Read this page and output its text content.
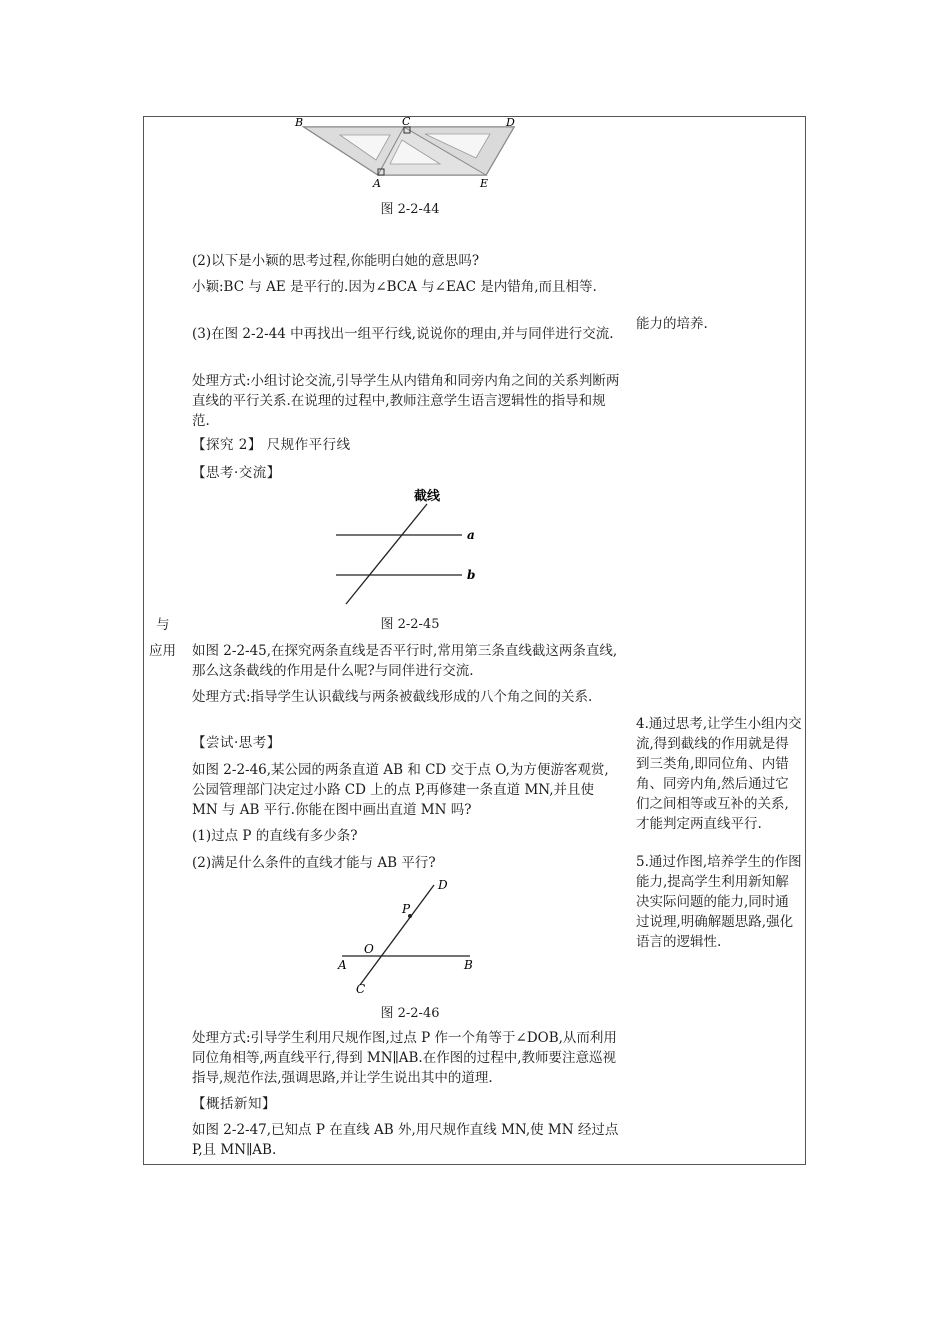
B	C	D
A	E
图 2-2-44

(2)以下是小颖的思考过程,你能明白她的意思吗?

小颖:BC 与 AE 是平行的.因为∠BCA 与∠EAC 是内错角,而且相等.

(3)在图 2-2-44 中再找出一组平行线,说说你的理由,并与同伴进行交流.

处理方式:小组讨论交流,引导学生从内错角和同旁内角之间的关系判断两直线的平行关系.在说理的过程中,教师注意学生语言逻辑性的指导和规范.

【探究 2】 尺规作平行线

【思考·交流】

截线
a
b
图 2-2-45
与
应用 如图 2-2-45,在探究两条直线是否平行时,常用第三条直线截这两条直线,那么这条截线的作用是什么呢?与同伴进行交流.

处理方式:指导学生认识截线与两条被截线形成的八个角之间的关系.

【尝试·思考】

如图 2-2-46,某公园的两条直道 AB 和 CD 交于点 O,为方便游客观赏,公园管理部门决定过小路 CD 上的点 P,再修建一条直道 MN,并且使 MN 与 AB 平行.你能在图中画出直道 MN 吗?

(1)过点 P 的直线有多少条?

(2)满足什么条件的直线才能与 AB 平行?

D
P
O
A	B
C
图 2-2-46

处理方式:引导学生利用尺规作图,过点 P 作一个角等于∠DOB,从而利用同位角相等,两直线平行,得到 MN∥AB.在作图的过程中,教师要注意巡视指导,规范作法,强调思路,并让学生说出其中的道理.

【概括新知】

如图 2-2-47,已知点 P 在直线 AB 外,用尺规作直线 MN,使 MN 经过点 P,且 MN∥AB.

能力的培养.

4.通过思考,让学生小组内交流,得到截线的作用就是得到三类角,即同位角、内错角、同旁内角,然后通过它们之间相等或互补的关系,才能判定两直线平行.

5.通过作图,培养学生的作图能力,提高学生利用新知解决实际问题的能力,同时通过说理,明确解题思路,强化语言的逻辑性.
